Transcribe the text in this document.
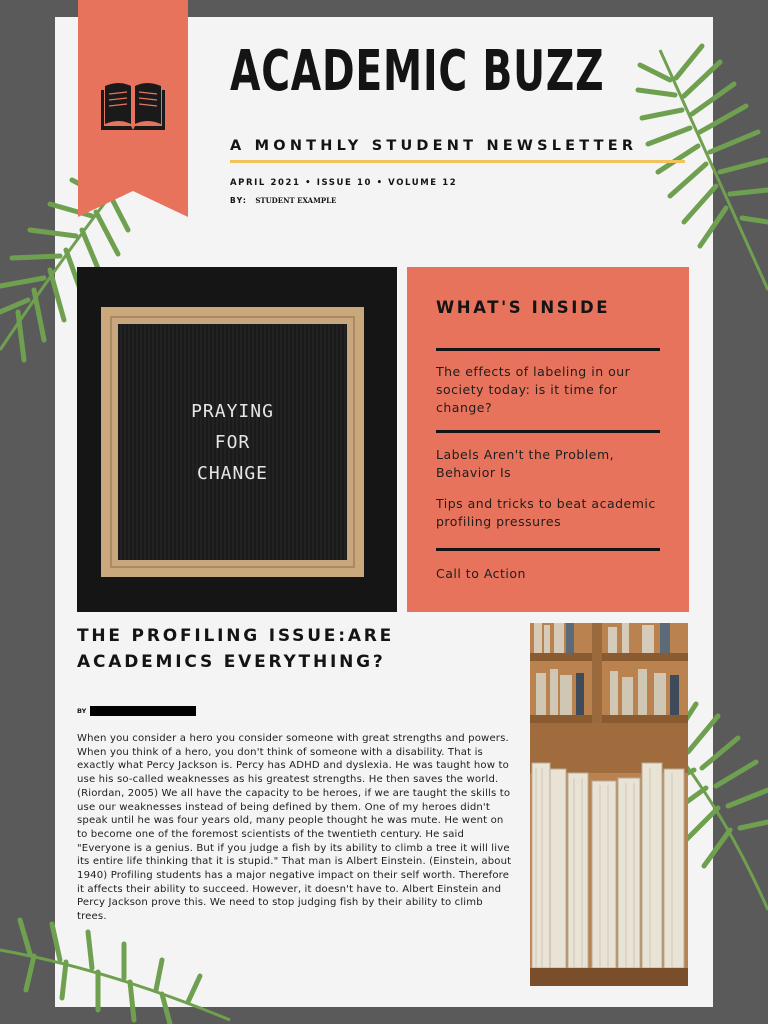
ACADEMIC BUZZ
A MONTHLY STUDENT NEWSLETTER
APRIL 2021 • ISSUE 10 • VOLUME 12
BY: STUDENT EXAMPLE
PRAYING
FOR
CHANGE
WHAT'S INSIDE
The effects of labeling in our society today: is it time for change?
Labels Aren't the Problem, Behavior Is
Tips and tricks to beat academic profiling pressures
Call to Action
THE PROFILING ISSUE:ARE ACADEMICS EVERYTHING?
BY
When you consider a hero you consider someone with great strengths and powers. When you think of a hero, you don't think of someone with a disability. That is exactly what Percy Jackson is. Percy has ADHD and dyslexia. He was taught how to use his so-called weaknesses as his greatest strengths. He then saves the world. (Riordan, 2005) We all have the capacity to be heroes, if we are taught the skills to use our weaknesses instead of being defined by them. One of my heroes didn't speak until he was four years old, many people thought he was mute. He went on to become one of the foremost scientists of the twentieth century. He said "Everyone is a genius. But if you judge a fish by its ability to climb a tree it will live its entire life thinking that it is stupid." That man is Albert Einstein. (Einstein, about 1940) Profiling students has a major negative impact on their self worth. Therefore it affects their ability to succeed. However, it doesn't have to. Albert Einstein and Percy Jackson prove this. We need to stop judging fish by their ability to climb trees.
